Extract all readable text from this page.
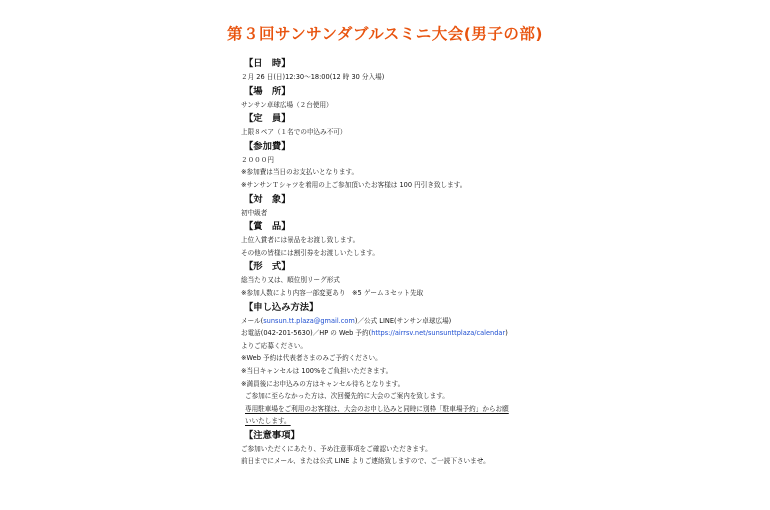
第３回サンサンダブルスミニ大会(男子の部)
【日　時】
２月 26 日(日)12:30～18:00(12 時 30 分入場)
【場　所】
サンサン卓球広場（２台使用）
【定　員】
上限８ペア（１名での申込み不可）
【参加費】
２０００円
※参加費は当日のお支払いとなります。
※サンサンＴシャツを着用の上ご参加頂いたお客様は 100 円引き致します。
【対　象】
初中級者
【賞　品】
上位入賞者には景品をお渡し致します。
その他の皆様には割引券をお渡しいたします。
【形　式】
総当たり又は、順位別リーグ形式
※参加人数により内容一部変更あり　※5 ゲーム３セット先取
【申し込み方法】
メール(sunsun.tt.plaza@gmail.com)／公式 LINE(サンサン卓球広場)
お電話(042-201-5630)／HP の Web 予約(https://airrsv.net/sunsunttplaza/calendar)
よりご応募ください。
※Web 予約は代表者さまのみご予約ください。
※当日キャンセルは 100%をご負担いただきます。
※満員後にお申込みの方はキャンセル待ちとなります。
ご参加に至らなかった方は、次回優先的に大会のご案内を致します。
専用駐車場をご利用のお客様は、大会のお申し込みと同時に別枠「駐車場予約」からお願
いいたします。
【注意事項】
ご参加いただくにあたり、予め注意事項をご確認いただきます。
前日までにメール、または公式 LINE よりご連絡致しますので、ご一読下さいませ。
